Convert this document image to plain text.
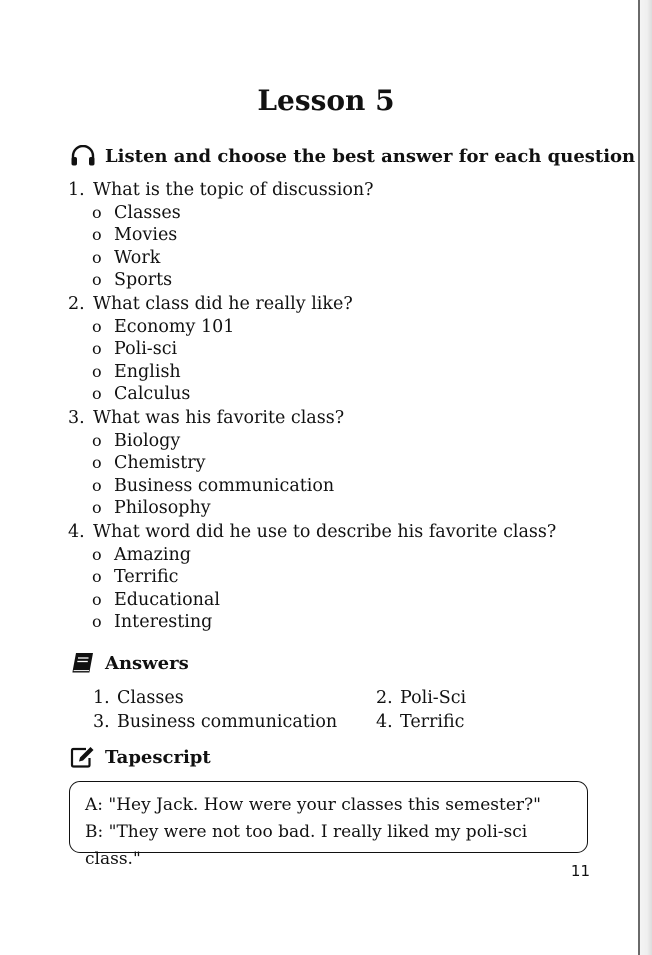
Lesson 5
Listen and choose the best answer for each question
1. What is the topic of discussion?
o Classes
o Movies
o Work
o Sports
2. What class did he really like?
o Economy 101
o Poli-sci
o English
o Calculus
3. What was his favorite class?
o Biology
o Chemistry
o Business communication
o Philosophy
4. What word did he use to describe his favorite class?
o Amazing
o Terrific
o Educational
o Interesting
Answers
1. Classes	2. Poli-Sci
3. Business communication 4. Terrific
Tapescript
A: "Hey Jack. How were your classes this semester?"
B: "They were not too bad. I really liked my poli-sci class."
11
